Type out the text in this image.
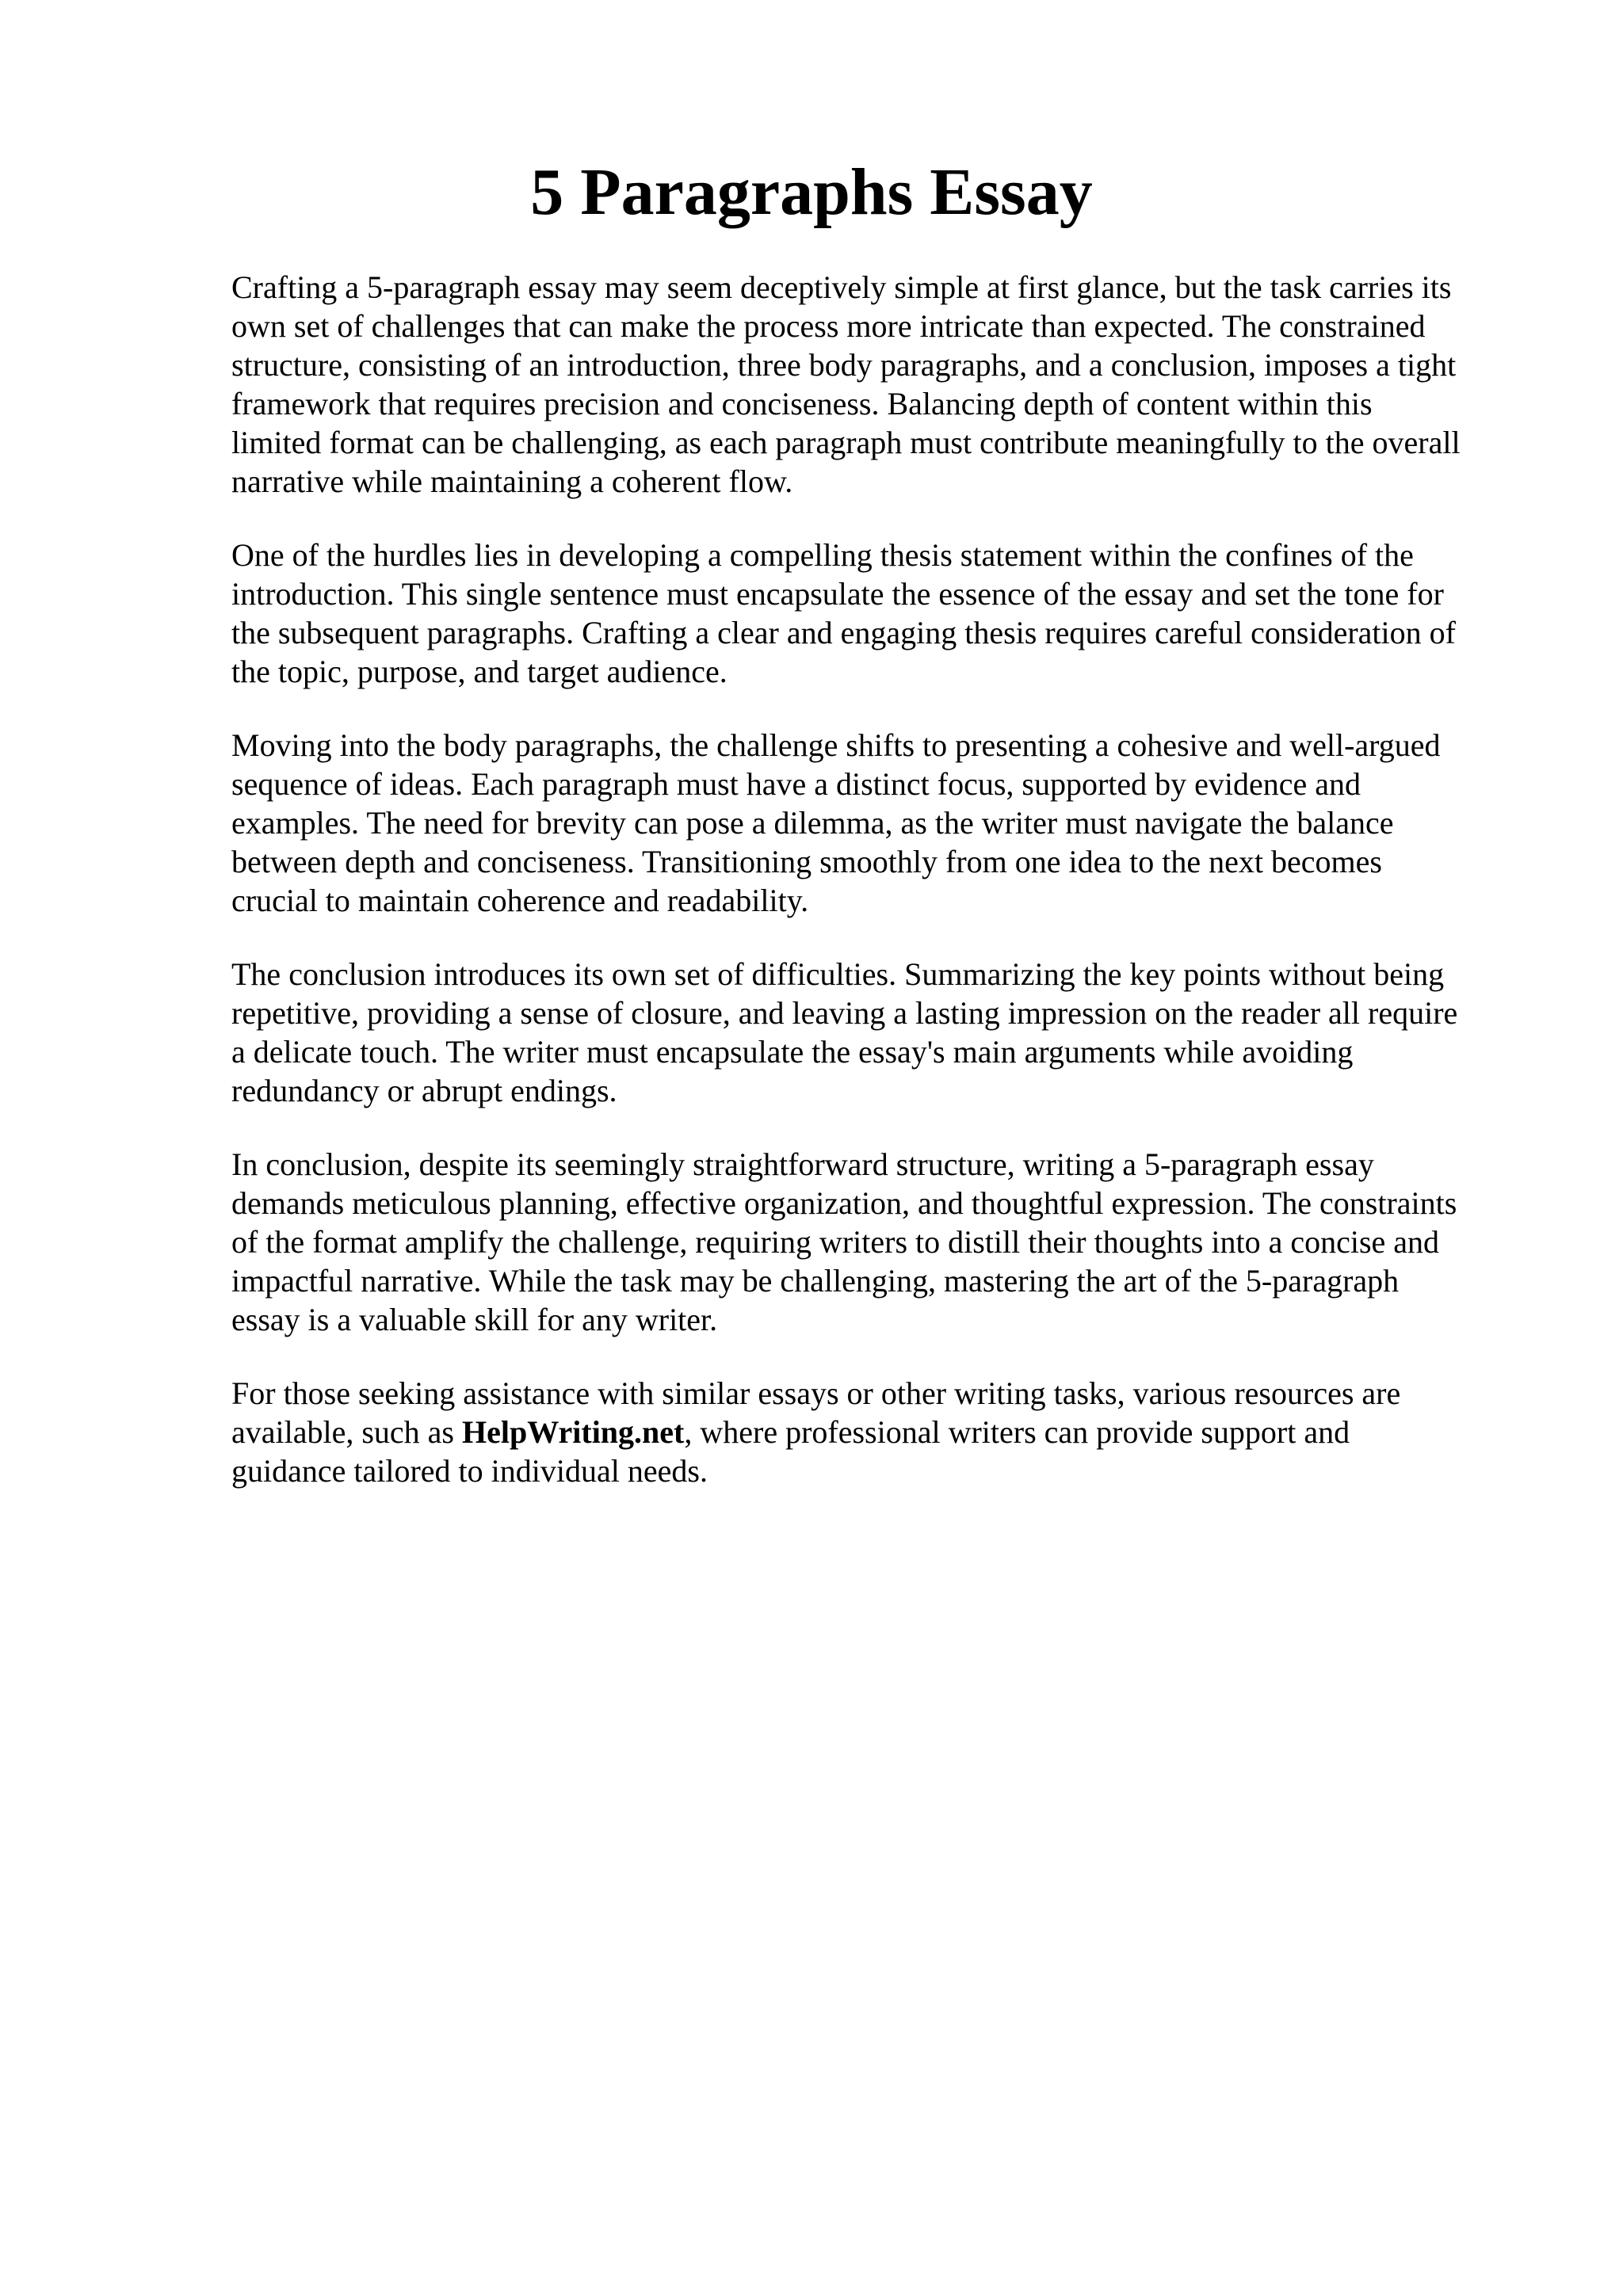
5 Paragraphs Essay

Crafting a 5-paragraph essay may seem deceptively simple at first glance, but the task carries its
own set of challenges that can make the process more intricate than expected. The constrained
structure, consisting of an introduction, three body paragraphs, and a conclusion, imposes a tight
framework that requires precision and conciseness. Balancing depth of content within this
limited format can be challenging, as each paragraph must contribute meaningfully to the overall
narrative while maintaining a coherent flow.

One of the hurdles lies in developing a compelling thesis statement within the confines of the
introduction. This single sentence must encapsulate the essence of the essay and set the tone for
the subsequent paragraphs. Crafting a clear and engaging thesis requires careful consideration of
the topic, purpose, and target audience.

Moving into the body paragraphs, the challenge shifts to presenting a cohesive and well-argued
sequence of ideas. Each paragraph must have a distinct focus, supported by evidence and
examples. The need for brevity can pose a dilemma, as the writer must navigate the balance
between depth and conciseness. Transitioning smoothly from one idea to the next becomes
crucial to maintain coherence and readability.

The conclusion introduces its own set of difficulties. Summarizing the key points without being
repetitive, providing a sense of closure, and leaving a lasting impression on the reader all require
a delicate touch. The writer must encapsulate the essay's main arguments while avoiding
redundancy or abrupt endings.

In conclusion, despite its seemingly straightforward structure, writing a 5-paragraph essay
demands meticulous planning, effective organization, and thoughtful expression. The constraints
of the format amplify the challenge, requiring writers to distill their thoughts into a concise and
impactful narrative. While the task may be challenging, mastering the art of the 5-paragraph
essay is a valuable skill for any writer.

For those seeking assistance with similar essays or other writing tasks, various resources are
available, such as HelpWriting.net, where professional writers can provide support and
guidance tailored to individual needs.
